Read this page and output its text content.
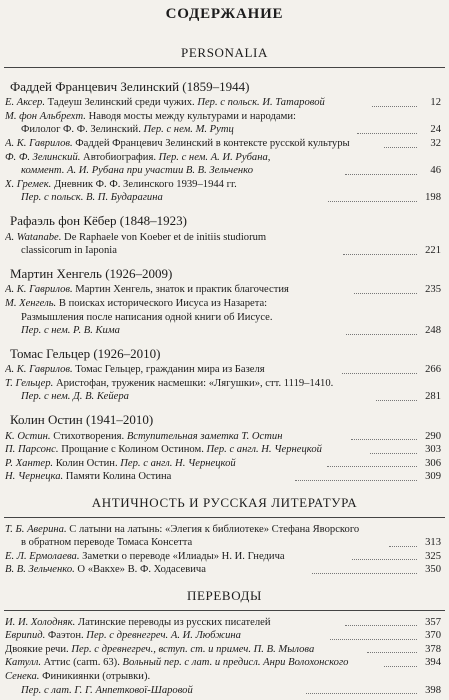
СОДЕРЖАНИЕ
PERSONALIA
Фаддей Францевич Зелинский (1859–1944)
Е. Аксер. Тадеуш Зелинский среди чужих. Пер. с польск. И. Татаровой	12
М. фон Альбрехт. Наводя мосты между культурами и народами:
Филолог Ф. Ф. Зелинский. Пер. с нем. М. Рутц	24
А. К. Гаврилов. Фаддей Францевич Зелинский в контексте русской культуры	32
Ф. Ф. Зелинский. Автобиография. Пер. с нем. А. И. Рубана,
коммент. А. И. Рубана при участии В. В. Зельченко	46
Х. Гремек. Дневник Ф. Ф. Зелинского 1939–1944 гг.
Пер. с польск. В. П. Бударагина	198
Рафаэль фон Кёбер (1848–1923)
A. Watanabe. De Raphaele von Koeber et de initiis studiorum
classicorum in Iaponia	221
Мартин Хенгель (1926–2009)
А. К. Гаврилов. Мартин Хенгель, знаток и практик благочестия	235
М. Хенгель. В поисках исторического Иисуса из Назарета:
Размышления после написания одной книги об Иисусе.
Пер. с нем. Р. В. Кима	248
Томас Гельцер (1926–2010)
А. К. Гаврилов. Томас Гельцер, гражданин мира из Базеля	266
Т. Гельцер. Аристофан, труженик насмешки: «Лягушки», стт. 1119–1410.
Пер. с нем. Д. В. Кейера	281
Колин Остин (1941–2010)
К. Остин. Стихотворения. Вступительная заметка Т. Остин	290
П. Парсонс. Прощание с Колином Остином. Пер. с англ. Н. Чернецкой	303
Р. Хантер. Колин Остин. Пер. с англ. Н. Чернецкой	306
Н. Чернецка. Памяти Колина Остина	309
АНТИЧНОСТЬ И РУССКАЯ ЛИТЕРАТУРА
Т. Б. Аверина. С латыни на латынь: «Элегия к библиотеке» Стефана Яворского
в обратном переводе Томаса Консетта	313
Е. Л. Ермолаева. Заметки о переводе «Илиады» Н. И. Гнедича	325
В. В. Зельченко. О «Вакхе» В. Ф. Ходасевича	350
ПЕРЕВОДЫ
И. И. Холодняк. Латинские переводы из русских писателей	357
Еврипид. Фаэтон. Пер. с древнегреч. А. И. Любжина	370
Двоякие речи. Пер. с древнегреч., вступ. ст. и примеч. П. В. Мылова	378
Катулл. Аттис (carm. 63). Вольный пер. с лат. и предисл. Анри Волохонского	394
Сенека. Финикиянки (отрывки).
Пер. с лат. Г. Г. Анпеткової-Шаровой	398
